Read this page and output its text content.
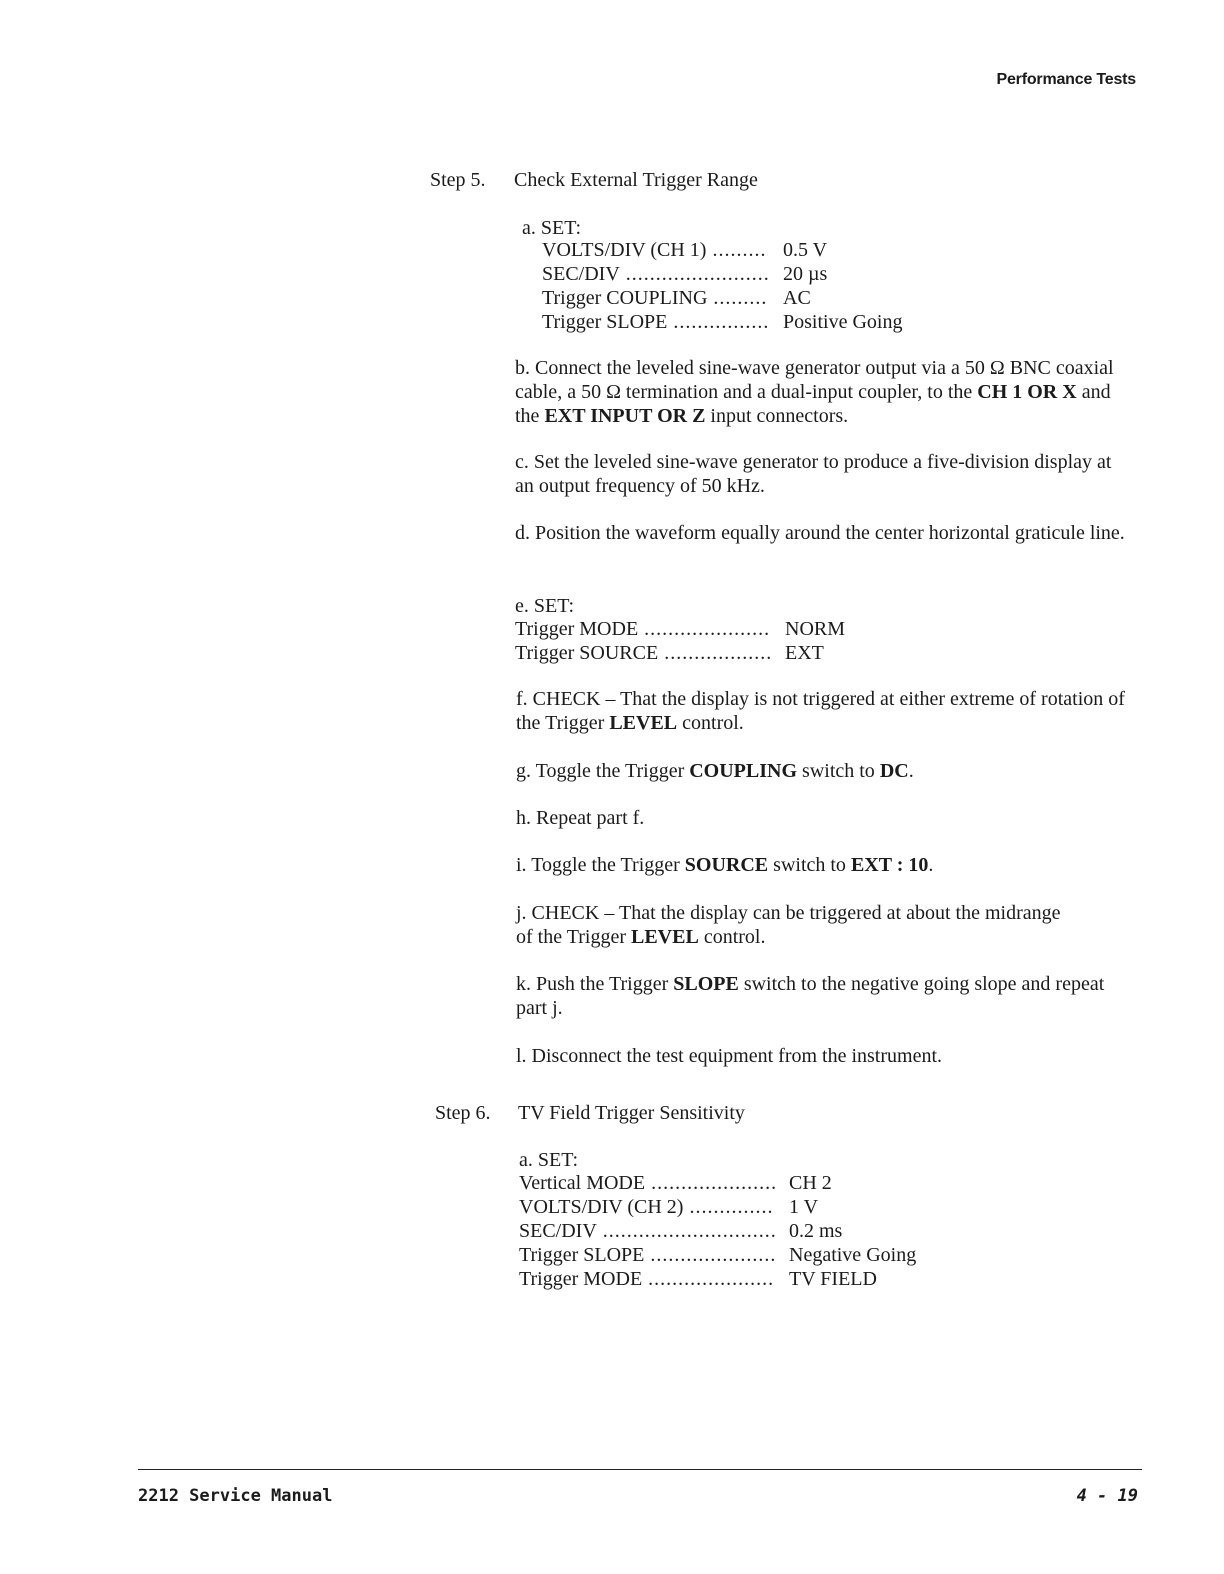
Performance Tests
Step 5. Check External Trigger Range
a. SET:
VOLTS/DIV (CH 1) .....	0.5 V
SEC/DIV .....	20 µs
Trigger COUPLING .....	AC
Trigger SLOPE .....	Positive Going
b. Connect the leveled sine-wave generator output via a 50 Ω BNC coaxial cable, a 50 Ω termination and a dual-input coupler, to the CH 1 OR X and the EXT INPUT OR Z input connectors.
c. Set the leveled sine-wave generator to produce a five-division display at an output frequency of 50 kHz.
d. Position the waveform equally around the center horizontal graticule line.
e. SET:
Trigger MODE .....	NORM
Trigger SOURCE .....	EXT
f. CHECK – That the display is not triggered at either extreme of rotation of the Trigger LEVEL control.
g. Toggle the Trigger COUPLING switch to DC.
h. Repeat part f.
i. Toggle the Trigger SOURCE switch to EXT : 10.
j. CHECK – That the display can be triggered at about the midrange of the Trigger LEVEL control.
k. Push the Trigger SLOPE switch to the negative going slope and repeat part j.
l. Disconnect the test equipment from the instrument.
Step 6. TV Field Trigger Sensitivity
a. SET:
Vertical MODE .....	CH 2
VOLTS/DIV (CH 2) .....	1 V
SEC/DIV .....	0.2 ms
Trigger SLOPE .....	Negative Going
Trigger MODE .....	TV FIELD
2212 Service Manual	4 - 19
